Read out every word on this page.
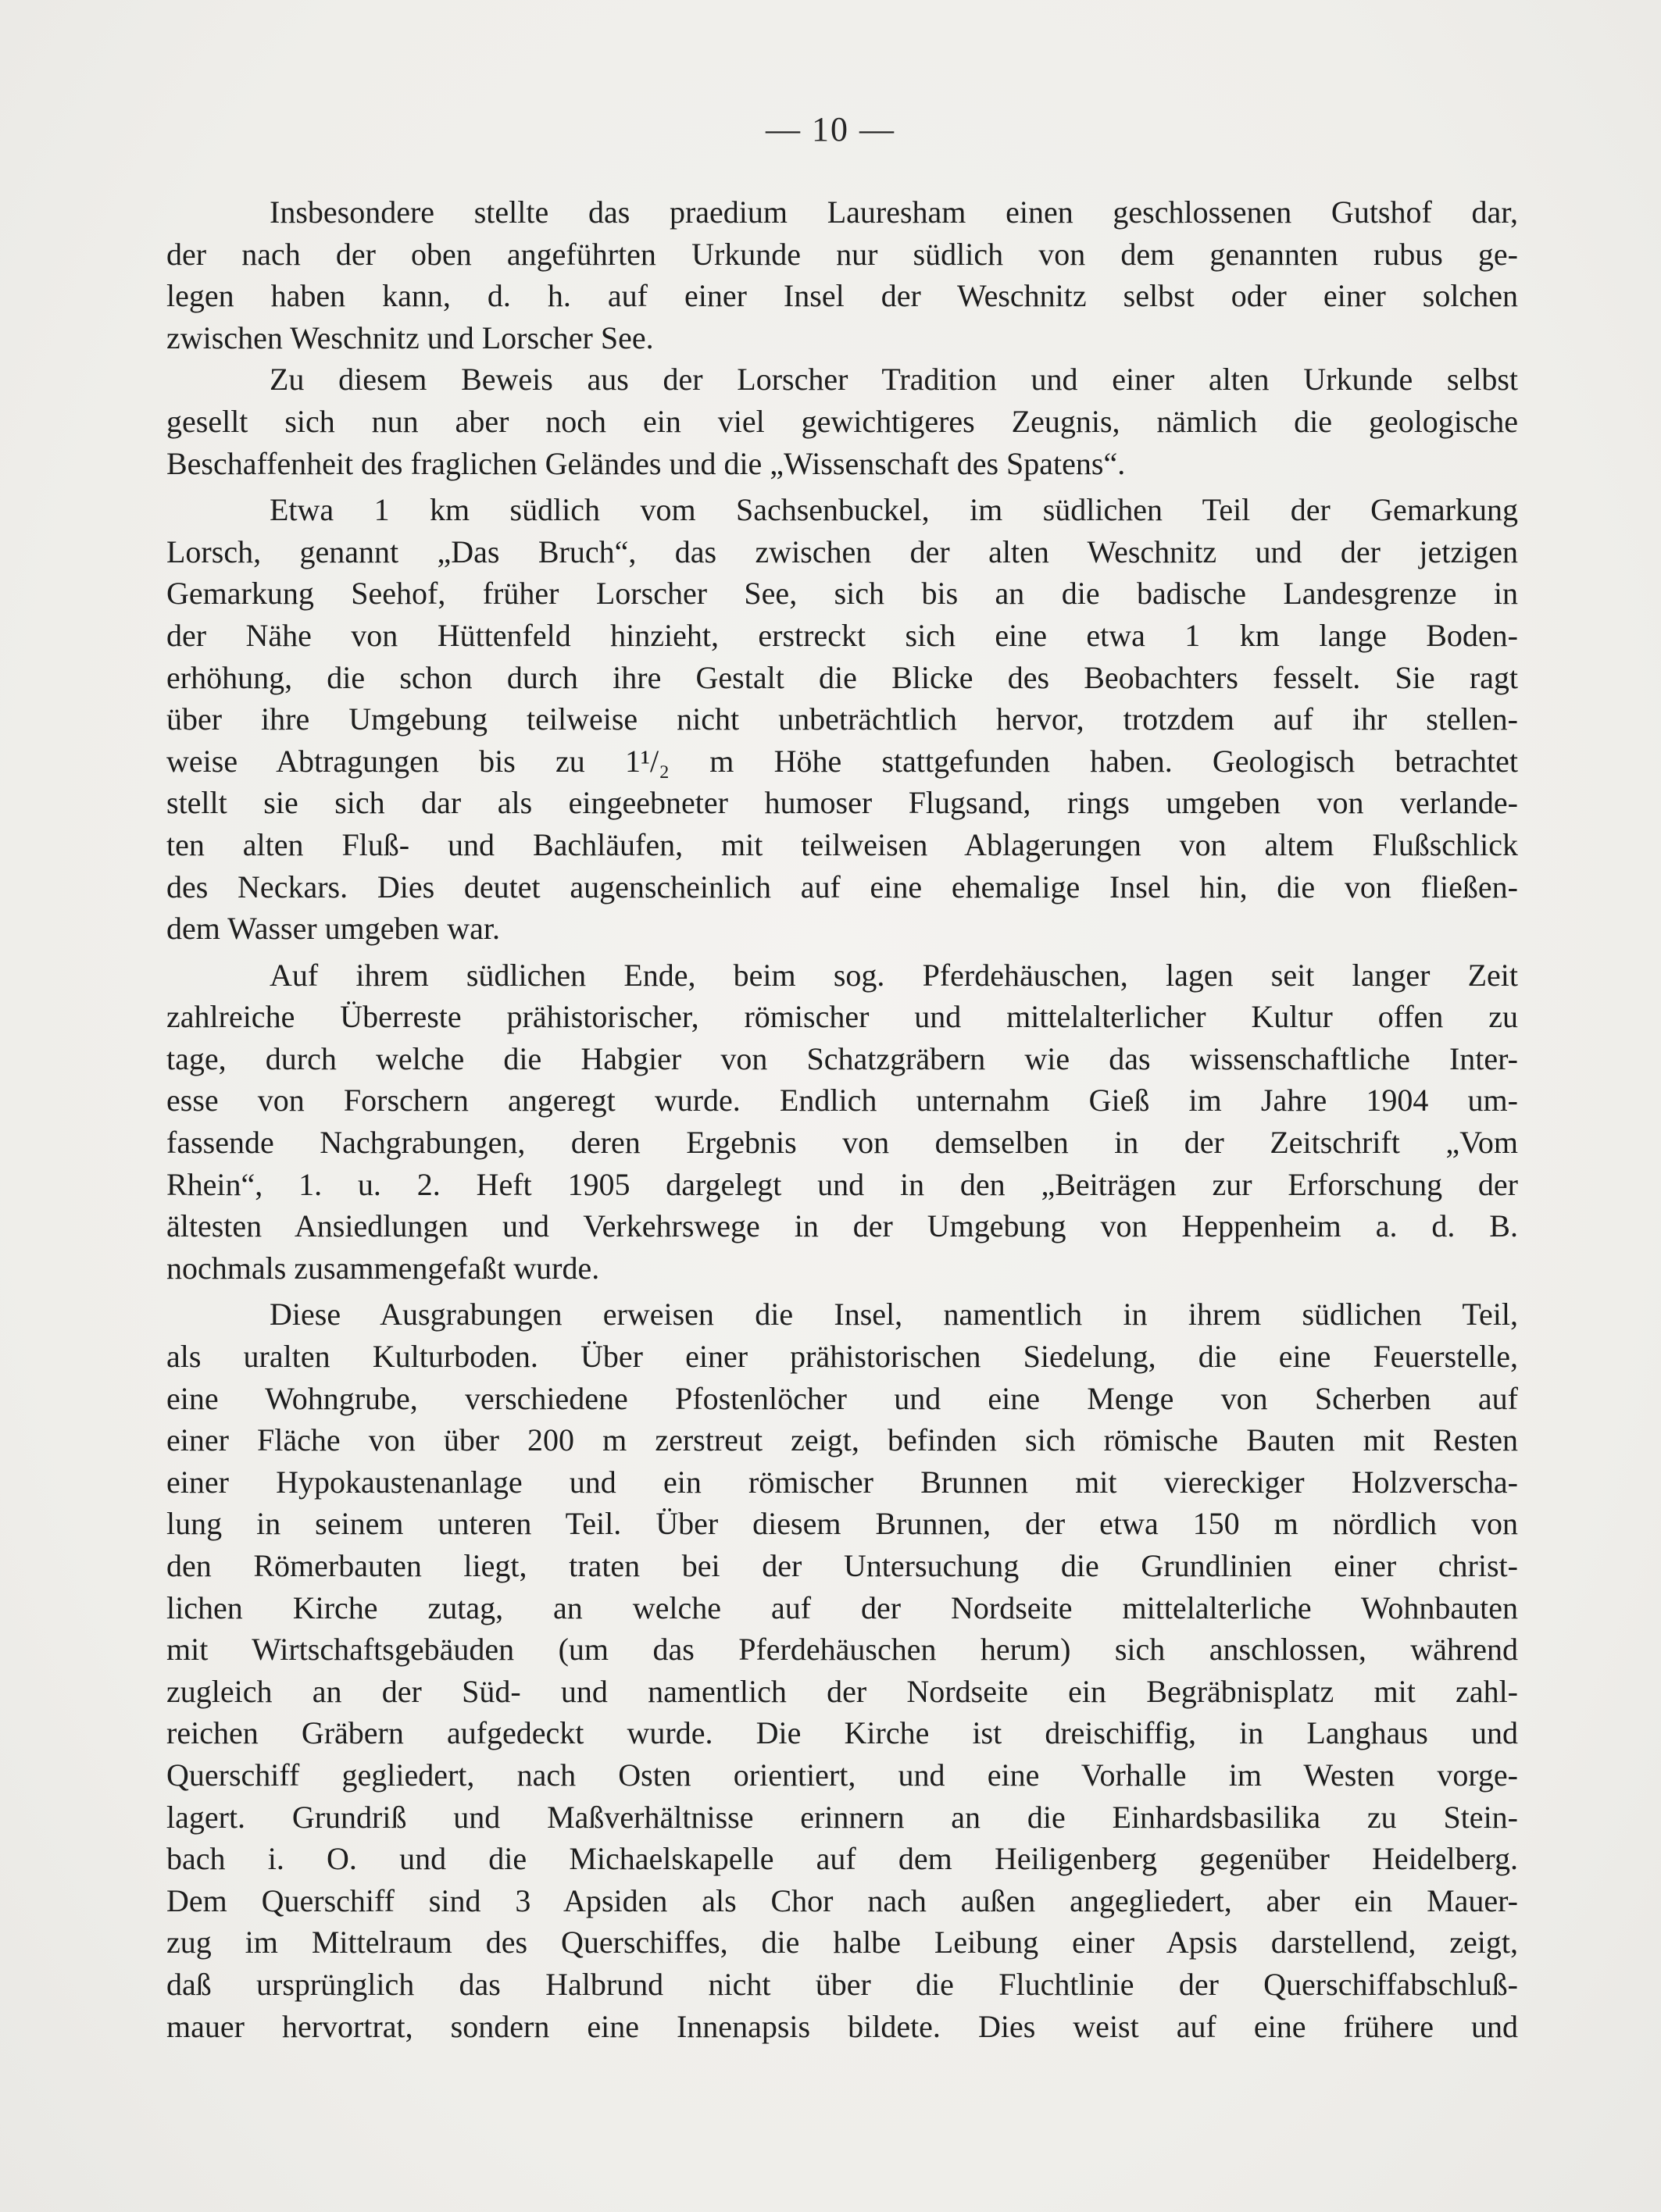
— 10 —
Insbesondere stellte das praedium Lauresham einen geschlossenen Gutshof dar,
der nach der oben angeführten Urkunde nur südlich von dem genannten rubus ge-
legen haben kann, d. h. auf einer Insel der Weschnitz selbst oder einer solchen
zwischen Weschnitz und Lorscher See.
Zu diesem Beweis aus der Lorscher Tradition und einer alten Urkunde selbst
gesellt sich nun aber noch ein viel gewichtigeres Zeugnis, nämlich die geologische
Beschaffenheit des fraglichen Geländes und die „Wissenschaft des Spatens“.
Etwa 1 km südlich vom Sachsenbuckel, im südlichen Teil der Gemarkung
Lorsch, genannt „Das Bruch“, das zwischen der alten Weschnitz und der jetzigen
Gemarkung Seehof, früher Lorscher See, sich bis an die badische Landesgrenze in
der Nähe von Hüttenfeld hinzieht, erstreckt sich eine etwa 1 km lange Boden-
erhöhung, die schon durch ihre Gestalt die Blicke des Beobachters fesselt. Sie ragt
über ihre Umgebung teilweise nicht unbeträchtlich hervor, trotzdem auf ihr stellen-
weise Abtragungen bis zu 1¹/₂ m Höhe stattgefunden haben. Geologisch betrachtet
stellt sie sich dar als eingeebneter humoser Flugsand, rings umgeben von verlande-
ten alten Fluß- und Bachläufen, mit teilweisen Ablagerungen von altem Flußschlick
des Neckars. Dies deutet augenscheinlich auf eine ehemalige Insel hin, die von fließen-
dem Wasser umgeben war.
Auf ihrem südlichen Ende, beim sog. Pferdehäuschen, lagen seit langer Zeit
zahlreiche Überreste prähistorischer, römischer und mittelalterlicher Kultur offen zu
tage, durch welche die Habgier von Schatzgräbern wie das wissenschaftliche Inter-
esse von Forschern angeregt wurde. Endlich unternahm Gieß im Jahre 1904 um-
fassende Nachgrabungen, deren Ergebnis von demselben in der Zeitschrift „Vom
Rhein“, 1. u. 2. Heft 1905 dargelegt und in den „Beiträgen zur Erforschung der
ältesten Ansiedlungen und Verkehrswege in der Umgebung von Heppenheim a. d. B.
nochmals zusammengefaßt wurde.
Diese Ausgrabungen erweisen die Insel, namentlich in ihrem südlichen Teil,
als uralten Kulturboden. Über einer prähistorischen Siedelung, die eine Feuerstelle,
eine Wohngrube, verschiedene Pfostenlöcher und eine Menge von Scherben auf
einer Fläche von über 200 m zerstreut zeigt, befinden sich römische Bauten mit Resten
einer Hypokaustenanlage und ein römischer Brunnen mit viereckiger Holzverscha-
lung in seinem unteren Teil. Über diesem Brunnen, der etwa 150 m nördlich von
den Römerbauten liegt, traten bei der Untersuchung die Grundlinien einer christ-
lichen Kirche zutag, an welche auf der Nordseite mittelalterliche Wohnbauten
mit Wirtschaftsgebäuden (um das Pferdehäuschen herum) sich anschlossen, während
zugleich an der Süd- und namentlich der Nordseite ein Begräbnisplatz mit zahl-
reichen Gräbern aufgedeckt wurde. Die Kirche ist dreischiffig, in Langhaus und
Querschiff gegliedert, nach Osten orientiert, und eine Vorhalle im Westen vorge-
lagert. Grundriß und Maßverhältnisse erinnern an die Einhardsbasilika zu Stein-
bach i. O. und die Michaelskapelle auf dem Heiligenberg gegenüber Heidelberg.
Dem Querschiff sind 3 Apsiden als Chor nach außen angegliedert, aber ein Mauer-
zug im Mittelraum des Querschiffes, die halbe Leibung einer Apsis darstellend, zeigt,
daß ursprünglich das Halbrund nicht über die Fluchtlinie der Querschiffabschluß-
mauer hervortrat, sondern eine Innenapsis bildete. Dies weist auf eine frühere und
